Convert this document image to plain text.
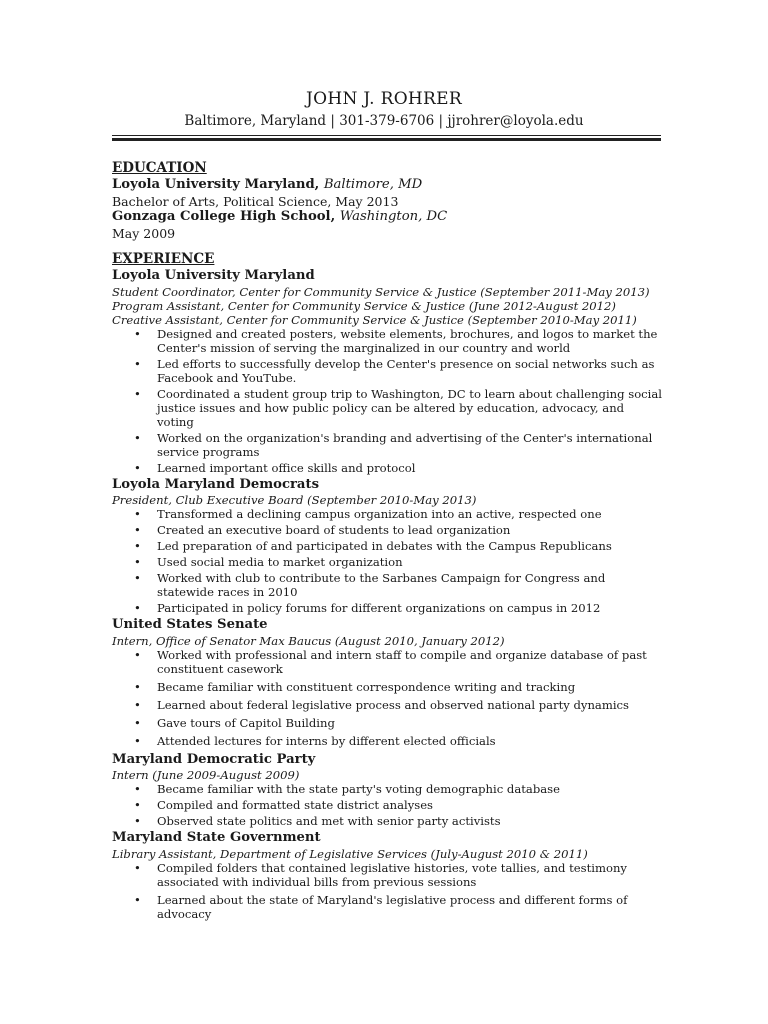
JOHN J. ROHRER
Baltimore, Maryland | 301-379-6706 | jjrohrer@loyola.edu
EDUCATION
Loyola University Maryland, Baltimore, MD
Bachelor of Arts, Political Science, May 2013
Gonzaga College High School, Washington, DC
May 2009
EXPERIENCE
Loyola University Maryland
Student Coordinator, Center for Community Service & Justice (September 2011-May 2013)
Program Assistant, Center for Community Service & Justice (June 2012-August 2012)
Creative Assistant, Center for Community Service & Justice (September 2010-May 2011)
• Designed and created posters, website elements, brochures, and logos to market the Center's mission of serving the marginalized in our country and world
• Led efforts to successfully develop the Center's presence on social networks such as Facebook and YouTube.
• Coordinated a student group trip to Washington, DC to learn about challenging social justice issues and how public policy can be altered by education, advocacy, and voting
• Worked on the organization's branding and advertising of the Center's international service programs
• Learned important office skills and protocol
Loyola Maryland Democrats
President, Club Executive Board (September 2010-May 2013)
• Transformed a declining campus organization into an active, respected one
• Created an executive board of students to lead organization
• Led preparation of and participated in debates with the Campus Republicans
• Used social media to market organization
• Worked with club to contribute to the Sarbanes Campaign for Congress and statewide races in 2010
• Participated in policy forums for different organizations on campus in 2012
United States Senate
Intern, Office of Senator Max Baucus (August 2010, January 2012)
• Worked with professional and intern staff to compile and organize database of past constituent casework
• Became familiar with constituent correspondence writing and tracking
• Learned about federal legislative process and observed national party dynamics
• Gave tours of Capitol Building
• Attended lectures for interns by different elected officials
Maryland Democratic Party
Intern (June 2009-August 2009)
• Became familiar with the state party's voting demographic database
• Compiled and formatted state district analyses
• Observed state politics and met with senior party activists
Maryland State Government
Library Assistant, Department of Legislative Services (July-August 2010 & 2011)
• Compiled folders that contained legislative histories, vote tallies, and testimony associated with individual bills from previous sessions
• Learned about the state of Maryland's legislative process and different forms of advocacy
